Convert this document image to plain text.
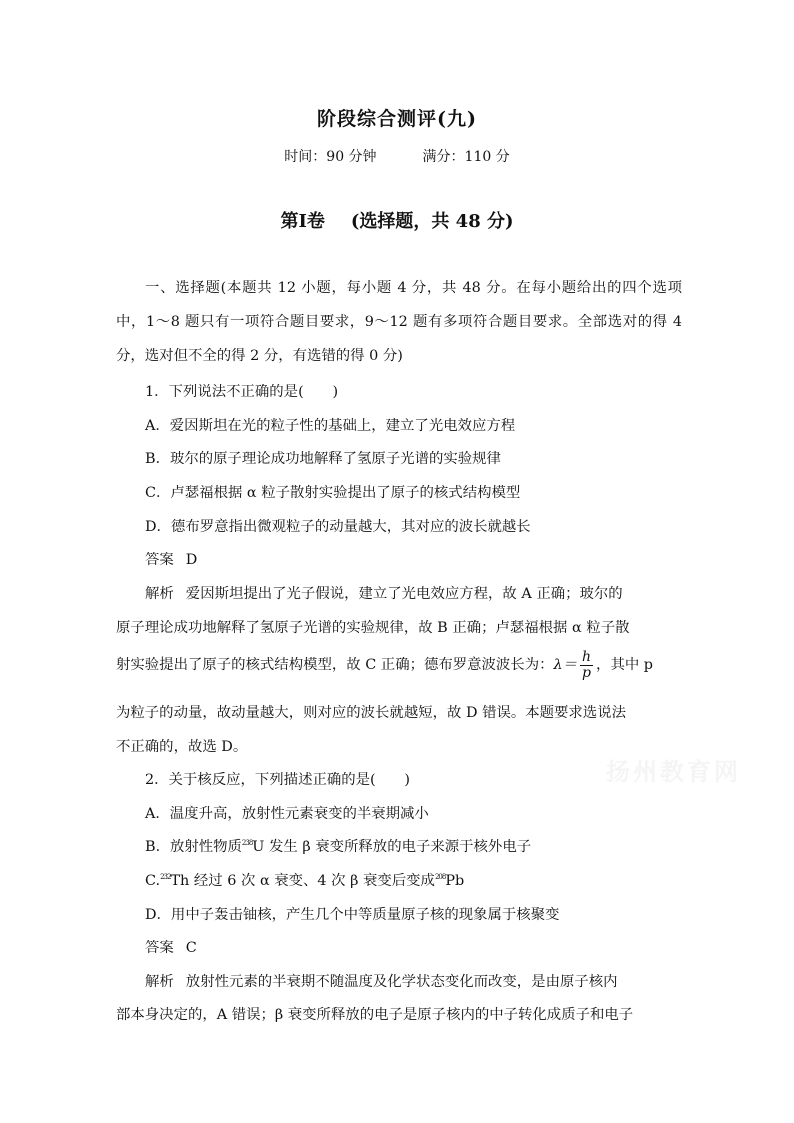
阶段综合测评(九)
时间：90 分钟	满分：110 分
第Ⅰ卷 (选择题，共 48 分)
一、选择题(本题共 12 小题，每小题 4 分，共 48 分。在每小题给出的四个选项中，1～8 题只有一项符合题目要求，9～12 题有多项符合题目要求。全部选对的得 4 分，选对但不全的得 2 分，有选错的得 0 分)
1．下列说法不正确的是(　　)
A．爱因斯坦在光的粒子性的基础上，建立了光电效应方程
B．玻尔的原子理论成功地解释了氢原子光谱的实验规律
C．卢瑟福根据 α 粒子散射实验提出了原子的核式结构模型
D．德布罗意指出微观粒子的动量越大，其对应的波长就越长
答案 D
解析 爱因斯坦提出了光子假说，建立了光电效应方程，故 A 正确；玻尔的
原子理论成功地解释了氢原子光谱的实验规律，故 B 正确；卢瑟福根据 α 粒子散
射实验提出了原子的核式结构模型，故 C 正确；德布罗意波波长为：$\lambda= \frac{h}{p}$ ，其中 p
为粒子的动量，故动量越大，则对应的波长就越短，故 D 错误。本题要求选说法
不正确的，故选 D。
2．关于核反应，下列描述正确的是(　　)
A．温度升高，放射性元素衰变的半衰期减小
B．放射性物质$^{238}$U 发生 β 衰变所释放的电子来源于核外电子
C.$^{232}$Th 经过 6 次 α 衰变、4 次 β 衰变后变成$^{208}$Pb
D．用中子轰击铀核，产生几个中等质量原子核的现象属于核聚变
答案 C
解析 放射性元素的半衰期不随温度及化学状态变化而改变，是由原子核内
部本身决定的，A 错误；β 衰变所释放的电子是原子核内的中子转化成质子和电子
扬州教育网
